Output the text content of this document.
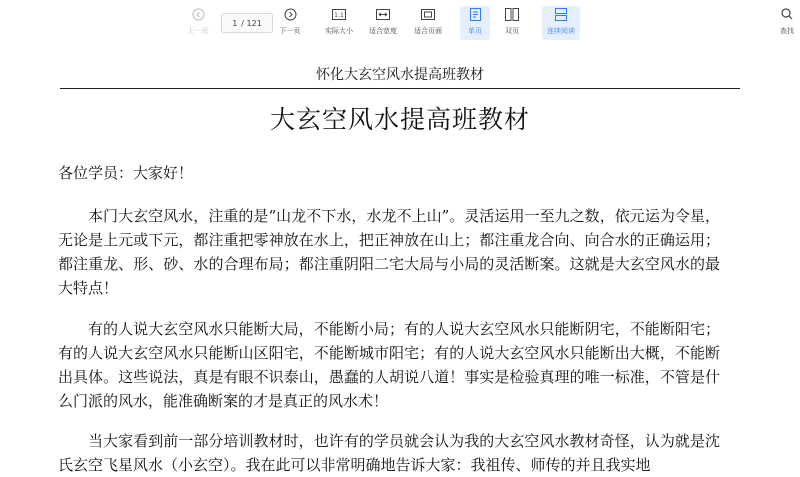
上一页
1 / 121
下一页
1:1
实际大小 适合宽度 适合页面	单页	双页	连续阅读	查找
怀化大玄空风水提高班教材
大玄空风水提高班教材
各位学员：大家好！

本门大玄空风水，注重的是“山龙不下水，水龙不上山”。灵活运用一至九之数，依元运为令星，无论是上元或下元，都注重把零神放在水上，把正神放在山上；都注重龙合向、向合水的正确运用；都注重龙、形、砂、水的合理布局；都注重阴阳二宅大局与小局的灵活断案。这就是大玄空风水的最大特点！

有的人说大玄空风水只能断大局，不能断小局；有的人说大玄空风水只能断阴宅，不能断阳宅；有的人说大玄空风水只能断山区阳宅，不能断城市阳宅；有的人说大玄空风水只能断出大概，不能断出具体。这些说法，真是有眼不识泰山，愚蠢的人胡说八道！事实是检验真理的唯一标准，不管是什么门派的风水，能准确断案的才是真正的风水术！

当大家看到前一部分培训教材时，也许有的学员就会认为我的大玄空风水教材奇怪，认为就是沈氏玄空飞星风水（小玄空）。我在此可以非常明确地告诉大家：我祖传、师传的并且我实地
